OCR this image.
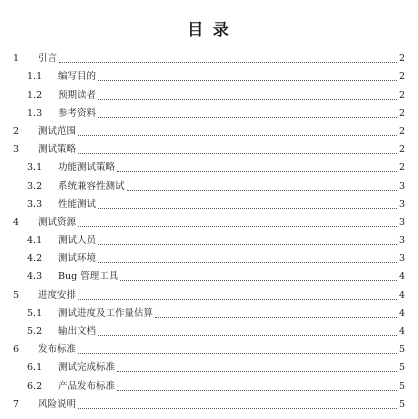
目 录
1 引言	2
1.1 编写目的	2
1.2 预期读者	2
1.3 参考资料	2
2 测试范围	2
3 测试策略	2
3.1 功能测试策略	2
3.2 系统兼容性测试	3
3.3 性能测试	3
4 测试资源	3
4.1 测试人员	3
4.2 测试环境	3
4.3 Bug 管理工具	4
5 进度安排	4
5.1 测试进度及工作量估算	4
5.2 输出文档	4
6 发布标准	5
6.1 测试完成标准	5
6.2 产品发布标准	5
7 风险说明	5
